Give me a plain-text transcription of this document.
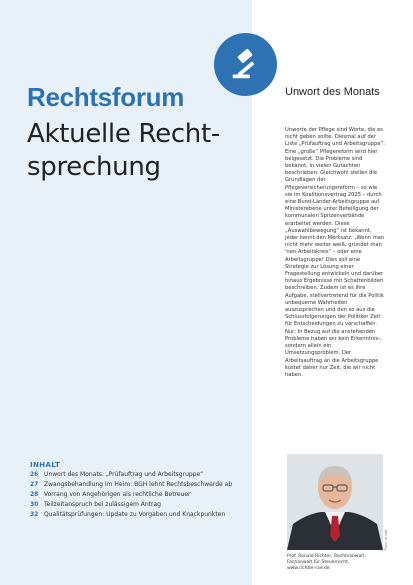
Rechtsforum
Aktuelle Recht-
sprechung
INHALT
26 Unwort des Monats: „Prüfauftrag und Arbeitsgruppe“
27 Zwangsbehandlung im Heim: BGH lehnt Rechtsbeschwerde ab
28 Vorrang von Angehörigen als rechtliche Betreuer
30 Teilzeitanspruch bei zulässigem Antrag
32 Qualitätsprüfungen: Update zu Vorgaben und Knackpunkten
Unwort des Monats

Unworte der Pflege sind Worte, die es nicht geben sollte. Diesmal auf der Liste „Prüfauftrag und Arbeitsgruppe“: Eine „große“ Pflegereform wird hier beigesetzt. Die Probleme sind bekannt, in vielen Gutachten beschrieben. Gleichwohl stellen die Grundlagen der Pflegeversicherungsreform – so wie sie im Koalitionsvertrag 2025 – durch eine Bund-Länder-Arbeitsgruppe auf Ministerebene unter Beteiligung der kommunalen Spitzenverbände erarbeitet werden. Diese „Auswahlbewegung“ ist bekannt, jeder kennt den Merksatz: „Wenn man nicht mehr weiter weiß, gründet man 'nen Arbeitskreis“ – oder eine Arbeitsgruppe! Dies soll eine Strategie zur Lösung einer Fragestellung entwickeln und darüber hinaus Ergebnisse mit Schattenbilden beschreiben. Zudem ist es ihre Aufgabe, stellvertretend für die Politik unbequeme Wahrheiten auszusprechen und den so aus die Schlussfolgerungen der Politiker Zeit für Entscheidungen zu verschaffen. Nur: In Bezug auf die anstehenden Probleme haben wir kein Erkenntnis-, sondern allein ein Umsetzungsproblem. Der Arbeitsauftrag an die Arbeitsgruppe kostet daher nur Zeit, die wir nicht haben.

Foto: privat

Prof. Ronald Richter, Rechtsanwalt,
Fachanwalt für Steuerrecht,
www.richter-rae.de
